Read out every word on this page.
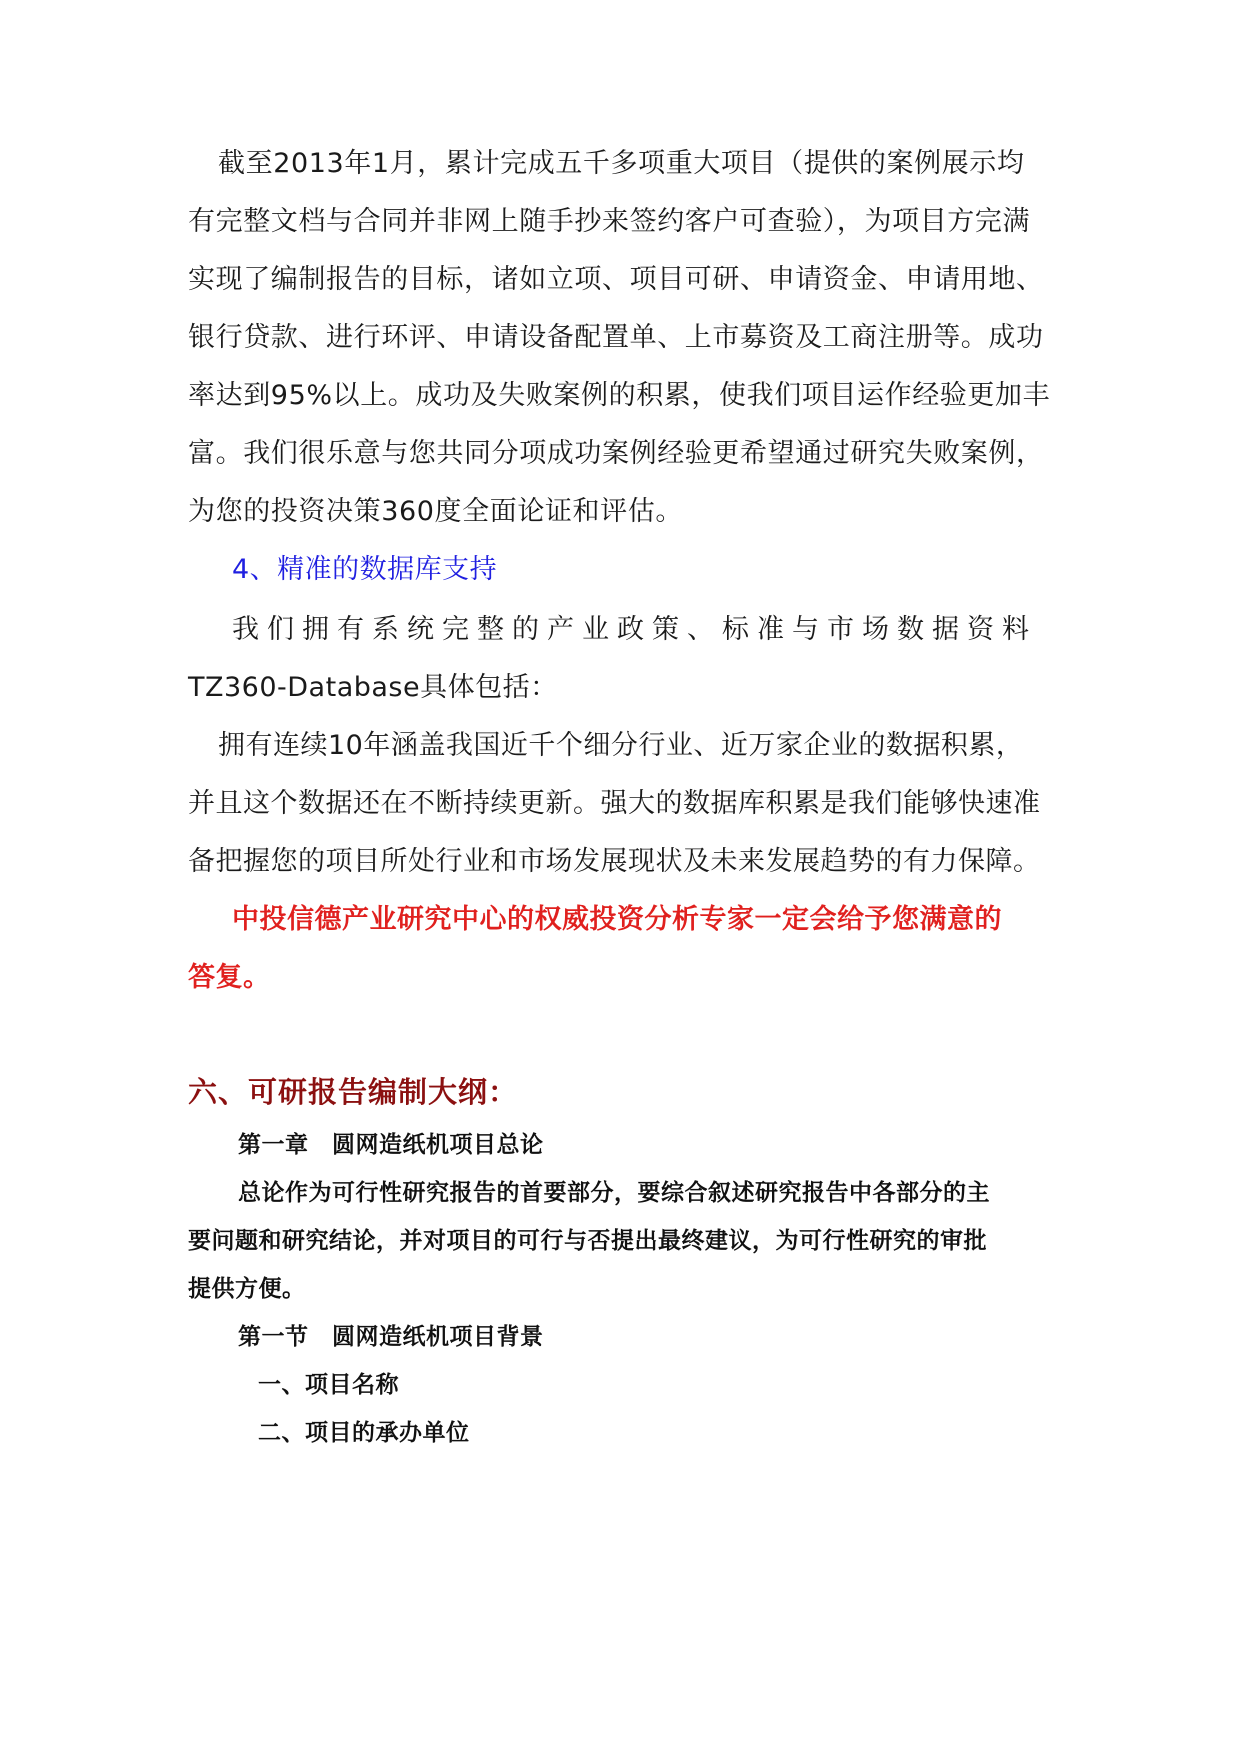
截至2013年1月，累计完成五千多项重大项目（提供的案例展示均
有完整文档与合同并非网上随手抄来签约客户可查验），为项目方完满
实现了编制报告的目标，诸如立项、项目可研、申请资金、申请用地、
银行贷款、进行环评、申请设备配置单、上市募资及工商注册等。成功
率达到95%以上。成功及失败案例的积累，使我们项目运作经验更加丰
富。我们很乐意与您共同分项成功案例经验更希望通过研究失败案例，
为您的投资决策360度全面论证和评估。
4、精准的数据库支持
我们拥有系统完整的产业政策、标准与市场数据资料
TZ360-Database具体包括：
拥有连续10年涵盖我国近千个细分行业、近万家企业的数据积累，
并且这个数据还在不断持续更新。强大的数据库积累是我们能够快速准
备把握您的项目所处行业和市场发展现状及未来发展趋势的有力保障。
中投信德产业研究中心的权威投资分析专家一定会给予您满意的
答复。
六、可研报告编制大纲：
第一章　圆网造纸机项目总论
总论作为可行性研究报告的首要部分，要综合叙述研究报告中各部分的主
要问题和研究结论，并对项目的可行与否提出最终建议，为可行性研究的审批
提供方便。
第一节　圆网造纸机项目背景
一、项目名称
二、项目的承办单位
